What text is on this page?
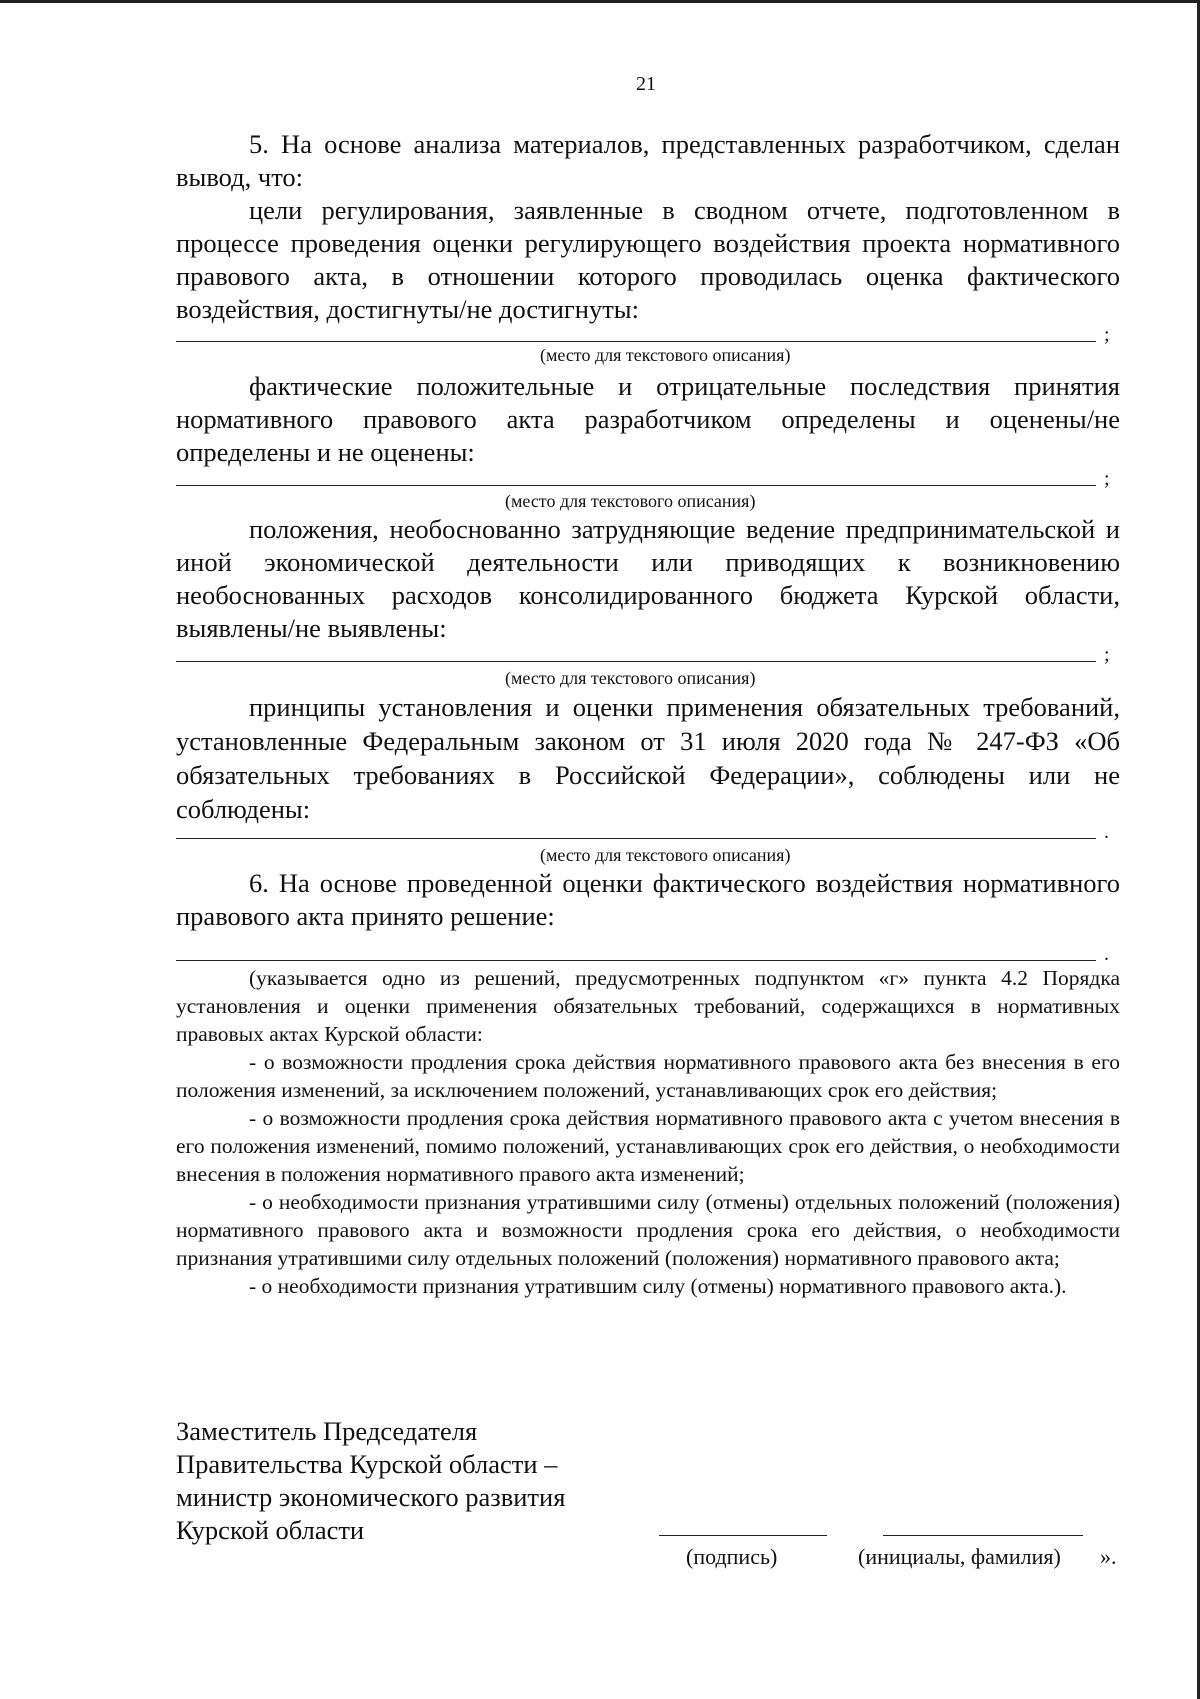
21
5. На основе анализа материалов, представленных разработчиком, сделан вывод, что:
цели регулирования, заявленные в сводном отчете, подготовленном в процессе проведения оценки регулирующего воздействия проекта нормативного правового акта, в отношении которого проводилась оценка фактического воздействия, достигнуты/не достигнуты:
;
(место для текстового описания)
фактические положительные и отрицательные последствия принятия нормативного правового акта разработчиком определены и оценены/не определены и не оценены:
;
(место для текстового описания)
положения, необоснованно затрудняющие ведение предпринимательской и иной экономической деятельности или приводящих к возникновению необоснованных расходов консолидированного бюджета Курской области, выявлены/не выявлены:
;
(место для текстового описания)
принципы установления и оценки применения обязательных требований, установленные Федеральным законом от 31 июля 2020 года № 247-ФЗ «Об обязательных требованиях в Российской Федерации», соблюдены или не соблюдены:
.
(место для текстового описания)
6. На основе проведенной оценки фактического воздействия нормативного правового акта принято решение:
.

(указывается одно из решений, предусмотренных подпунктом «г» пункта 4.2 Порядка установления и оценки применения обязательных требований, содержащихся в нормативных правовых актах Курской области:

- о возможности продления срока действия нормативного правового акта без внесения в его положения изменений, за исключением положений, устанавливающих срок его действия;

- о возможности продления срока действия нормативного правового акта с учетом внесения в его положения изменений, помимо положений, устанавливающих срок его действия, о необходимости внесения в положения нормативного правого акта изменений;

- о необходимости признания утратившими силу (отмены) отдельных положений (положения) нормативного правового акта и возможности продления срока его действия, о необходимости признания утратившими силу отдельных положений (положения) нормативного правового акта;

- о необходимости признания утратившим силу (отмены) нормативного правового акта.).

Заместитель Председателя
Правительства Курской области –
министр экономического развития
Курской области
(подпись)	(инициалы, фамилия) ».
